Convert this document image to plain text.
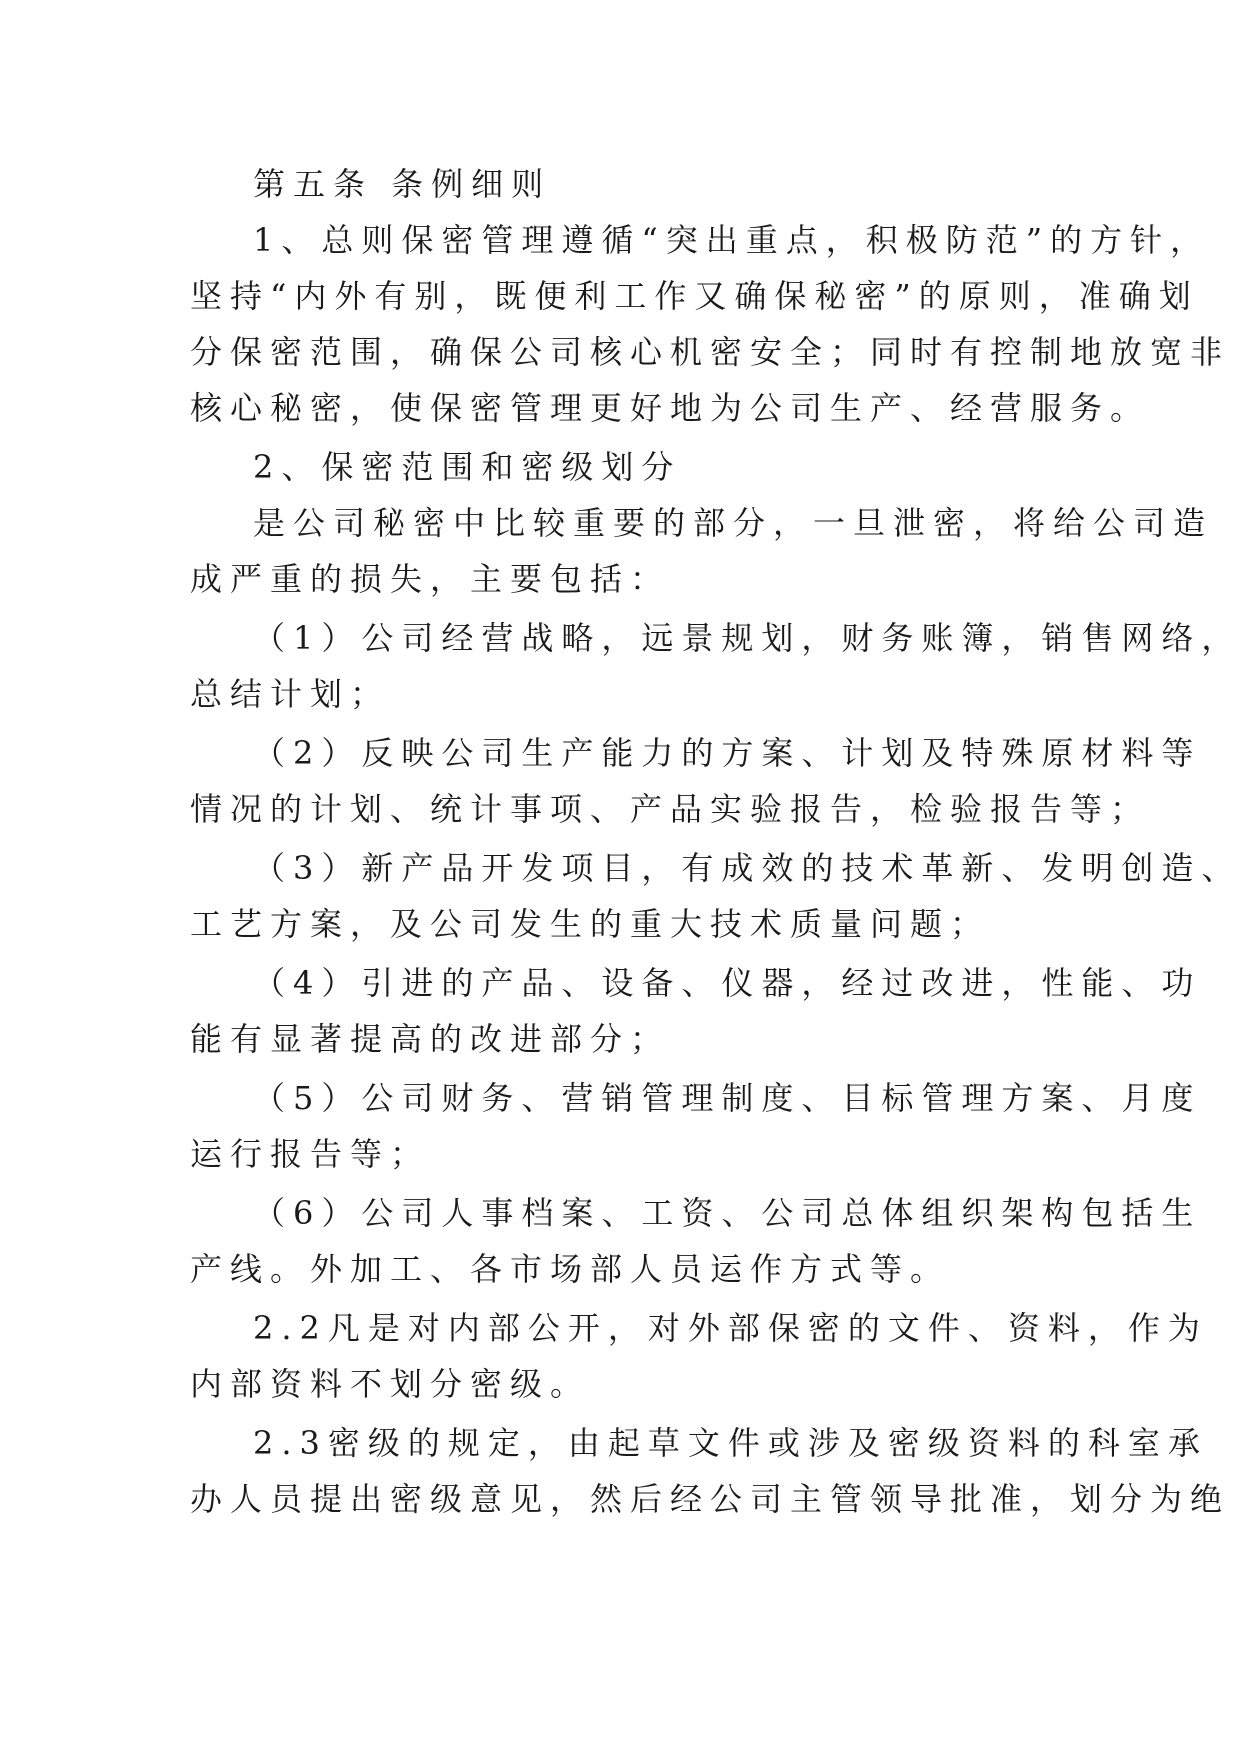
第五条 条例细则
1、总则保密管理遵循“突出重点，积极防范”的方针，
坚持“内外有别，既便利工作又确保秘密”的原则，准确划
分保密范围，确保公司核心机密安全；同时有控制地放宽非
核心秘密，使保密管理更好地为公司生产、经营服务。
2、保密范围和密级划分
是公司秘密中比较重要的部分，一旦泄密，将给公司造
成严重的损失，主要包括：
（1）公司经营战略，远景规划，财务账簿，销售网络，
总结计划；
（2）反映公司生产能力的方案、计划及特殊原材料等
情况的计划、统计事项、产品实验报告，检验报告等；
（3）新产品开发项目，有成效的技术革新、发明创造、
工艺方案，及公司发生的重大技术质量问题；
（4）引进的产品、设备、仪器，经过改进，性能、功
能有显著提高的改进部分；
（5）公司财务、营销管理制度、目标管理方案、月度
运行报告等；
（6）公司人事档案、工资、公司总体组织架构包括生
产线。外加工、各市场部人员运作方式等。
2.2凡是对内部公开，对外部保密的文件、资料，作为
内部资料不划分密级。
2.3密级的规定，由起草文件或涉及密级资料的科室承
办人员提出密级意见，然后经公司主管领导批准，划分为绝
